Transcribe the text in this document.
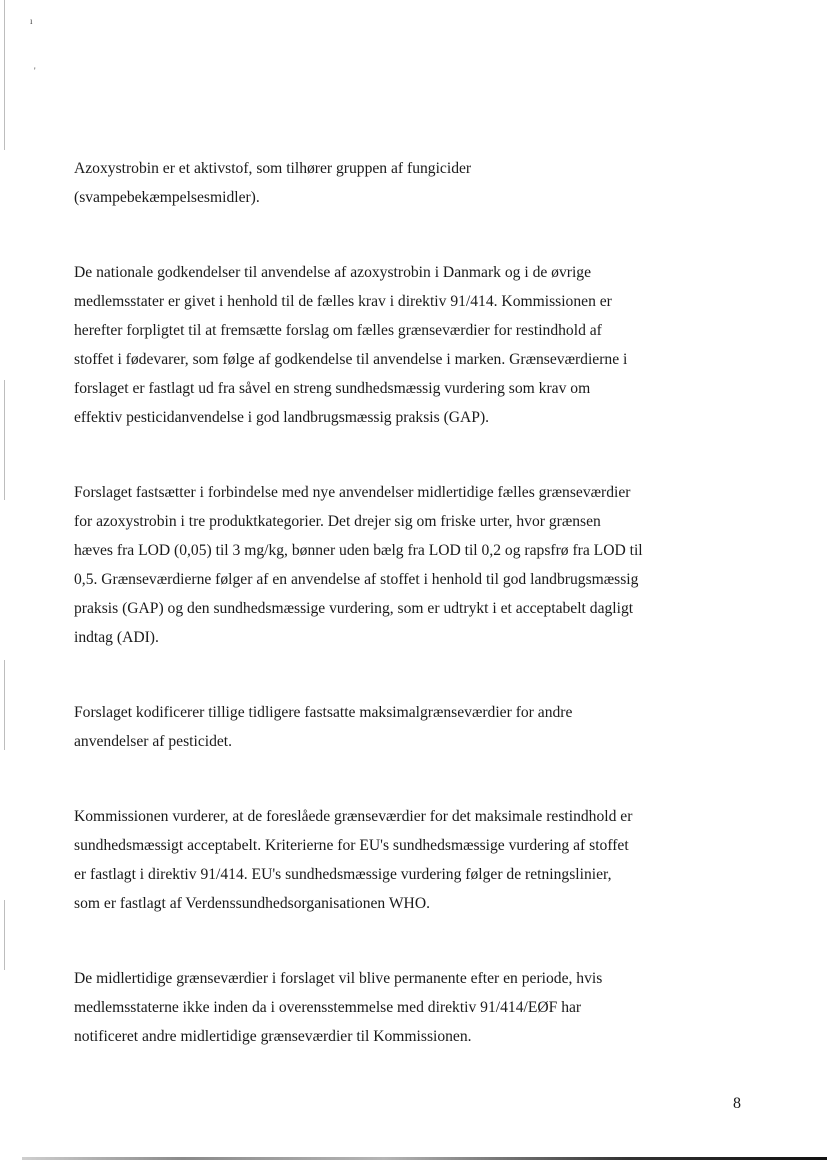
ı
'

Azoxystrobin er et aktivstof, som tilhører gruppen af fungicider
(svampebekæmpelsesmidler).

De nationale godkendelser til anvendelse af azoxystrobin i Danmark og i de øvrige
medlemsstater er givet i henhold til de fælles krav i direktiv 91/414. Kommissionen er
herefter forpligtet til at fremsætte forslag om fælles grænseværdier for restindhold af
stoffet i fødevarer, som følge af godkendelse til anvendelse i marken. Grænseværdierne i
forslaget er fastlagt ud fra såvel en streng sundhedsmæssig vurdering som krav om
effektiv pesticidanvendelse i god landbrugsmæssig praksis (GAP).

Forslaget fastsætter i forbindelse med nye anvendelser midlertidige fælles grænseværdier
for azoxystrobin i tre produktkategorier. Det drejer sig om friske urter, hvor grænsen
hæves fra LOD (0,05) til 3 mg/kg, bønner uden bælg fra LOD til 0,2 og rapsfrø fra LOD til
0,5. Grænseværdierne følger af en anvendelse af stoffet i henhold til god landbrugsmæssig
praksis (GAP) og den sundhedsmæssige vurdering, som er udtrykt i et acceptabelt dagligt
indtag (ADI).

Forslaget kodificerer tillige tidligere fastsatte maksimalgrænseværdier for andre
anvendelser af pesticidet.

Kommissionen vurderer, at de foreslåede grænseværdier for det maksimale restindhold er
sundhedsmæssigt acceptabelt. Kriterierne for EU's sundhedsmæssige vurdering af stoffet
er fastlagt i direktiv 91/414. EU's sundhedsmæssige vurdering følger de retningslinier,
som er fastlagt af Verdenssundhedsorganisationen WHO.

De midlertidige grænseværdier i forslaget vil blive permanente efter en periode, hvis
medlemsstaterne ikke inden da i overensstemmelse med direktiv 91/414/EØF har
notificeret andre midlertidige grænseværdier til Kommissionen.

8
